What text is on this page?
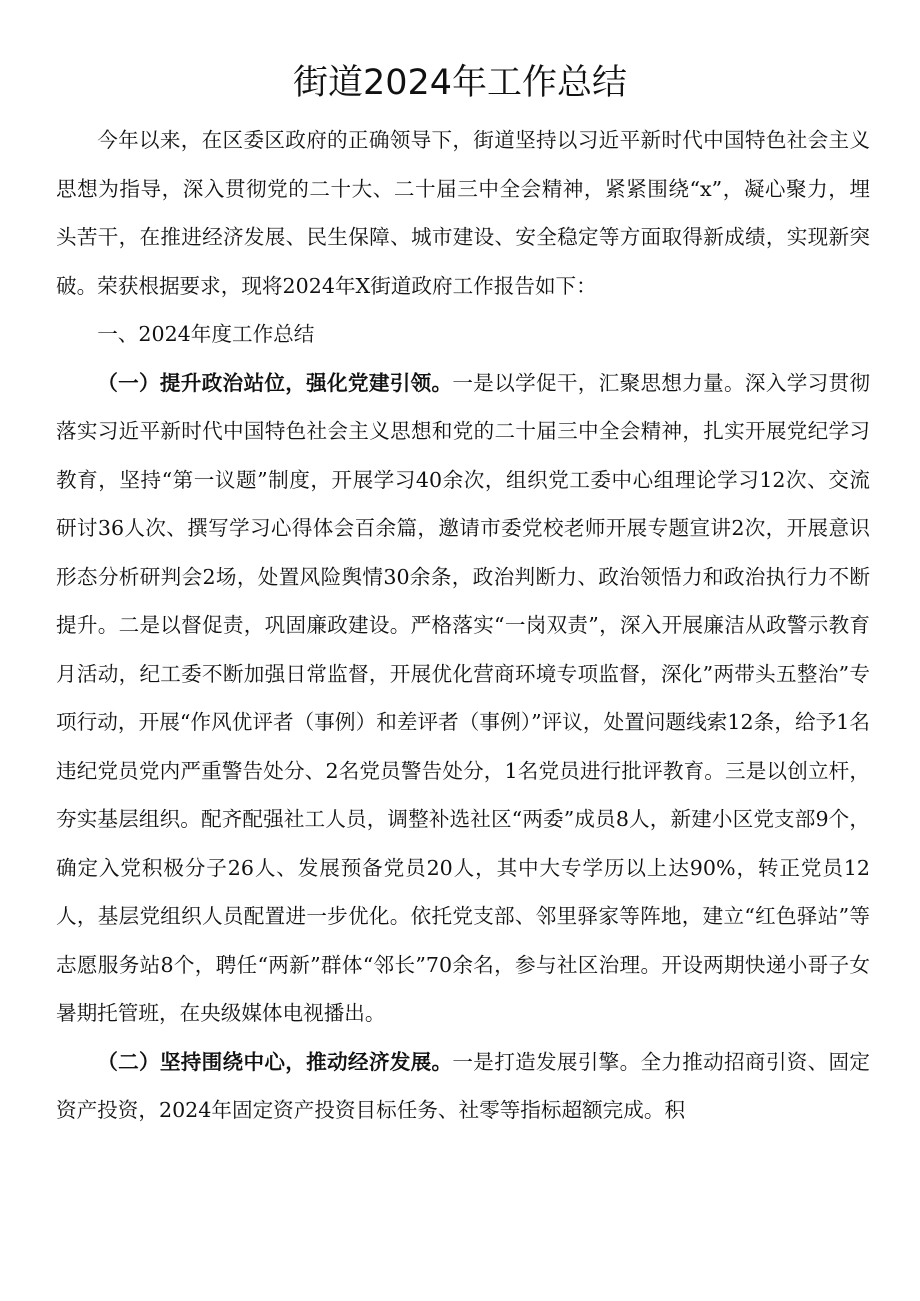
街道2024年工作总结

今年以来，在区委区政府的正确领导下，街道坚持以习近平新时代中国特色社会主义思想为指导，深入贯彻党的二十大、二十届三中全会精神，紧紧围绕“x”，凝心聚力，埋头苦干，在推进经济发展、民生保障、城市建设、安全稳定等方面取得新成绩，实现新突破。荣获根据要求，现将2024年X街道政府工作报告如下：

一、2024年度工作总结

（一）提升政治站位，强化党建引领。一是以学促干，汇聚思想力量。深入学习贯彻落实习近平新时代中国特色社会主义思想和党的二十届三中全会精神，扎实开展党纪学习教育，坚持“第一议题”制度，开展学习40余次，组织党工委中心组理论学习12次、交流研讨36人次、撰写学习心得体会百余篇，邀请市委党校老师开展专题宣讲2次，开展意识形态分析研判会2场，处置风险舆情30余条，政治判断力、政治领悟力和政治执行力不断提升。二是以督促责，巩固廉政建设。严格落实“一岗双责”，深入开展廉洁从政警示教育月活动，纪工委不断加强日常监督，开展优化营商环境专项监督，深化”两带头五整治”专项行动，开展“作风优评者（事例）和差评者（事例）”评议，处置问题线索12条，给予1名违纪党员党内严重警告处分、2名党员警告处分，1名党员进行批评教育。三是以创立杆，夯实基层组织。配齐配强社工人员，调整补选社区“两委”成员8人，新建小区党支部9个，确定入党积极分子26人、发展预备党员20人，其中大专学历以上达90%，转正党员12人，基层党组织人员配置进一步优化。依托党支部、邻里驿家等阵地，建立“红色驿站”等志愿服务站8个，聘任“两新”群体“邻长”70余名，参与社区治理。开设两期快递小哥子女暑期托管班，在央级媒体电视播出。

（二）坚持围绕中心，推动经济发展。一是打造发展引擎。全力推动招商引资、固定资产投资，2024年固定资产投资目标任务、社零等指标超额完成。积
